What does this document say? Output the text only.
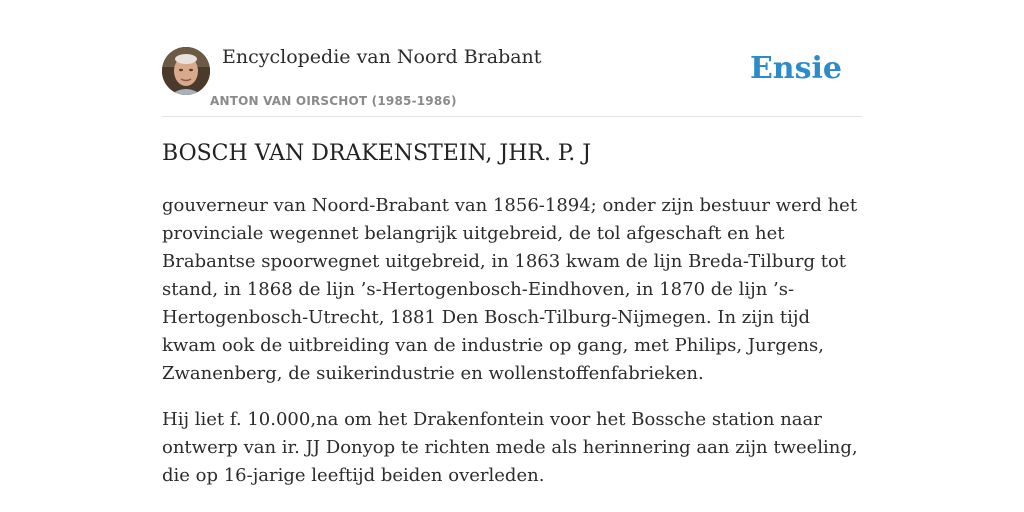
Encyclopedie van Noord Brabant
ANTON VAN OIRSCHOT (1985-1986)
Ensie
BOSCH VAN DRAKENSTEIN, JHR. P. J

gouverneur van Noord-Brabant van 1856-1894; onder zijn bestuur werd het provinciale wegennet belangrijk uitgebreid, de tol afgeschaft en het Brabantse spoorwegnet uitgebreid, in 1863 kwam de lijn Breda-Tilburg tot stand, in 1868 de lijn ’s-Hertogenbosch-Eindhoven, in 1870 de lijn ’s-Hertogenbosch-Utrecht, 1881 Den Bosch-Tilburg-Nijmegen. In zijn tijd kwam ook de uitbreiding van de industrie op gang, met Philips, Jurgens, Zwanenberg, de suikerindustrie en wollenstoffenfabrieken.

Hij liet f. 10.000,na om het Drakenfontein voor het Bossche station naar ontwerp van ir. JJ Donyop te richten mede als herinnering aan zijn tweeling, die op 16-jarige leeftijd beiden overleden.
